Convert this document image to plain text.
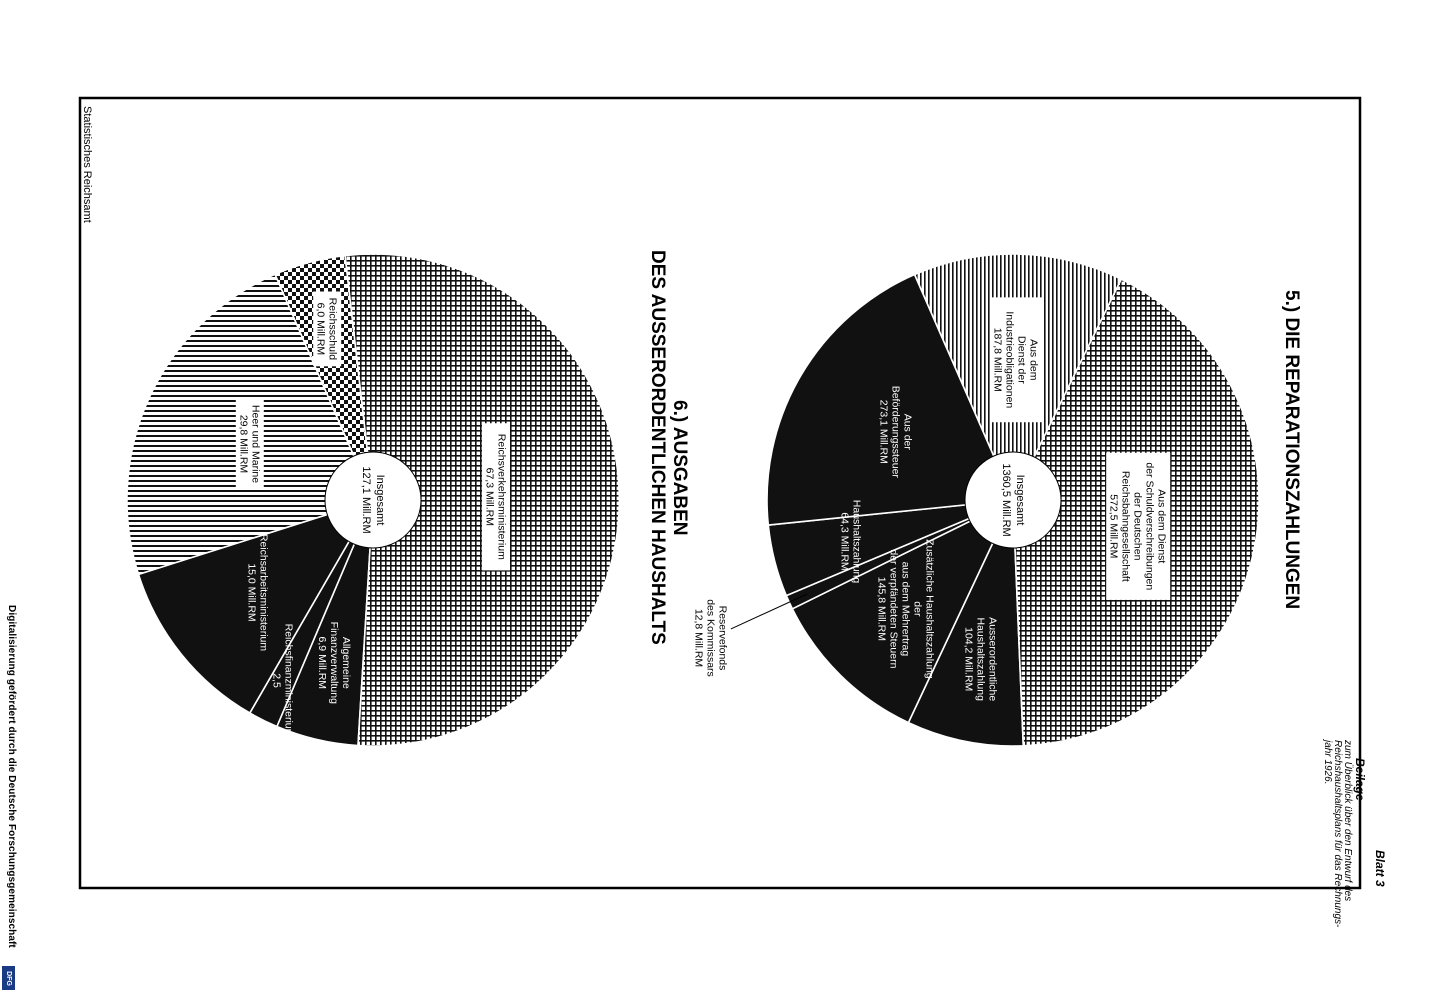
Statistisches Reichsamt
Blatt 3
Beilage
zum Überblick über den Entwurf des
Reichshaushaltsplans für das Rechnungs-
jahr 1926.
5.) DIE REPARATIONSZAHLUNGEN
AusserordentlicheHaushaltszahlung104,2 Mill.RM
Zusätzliche Haushaltszahlungderaus dem Mehrertragder verpfändeten Steuern145,8 Mill.RM
Reservefondsdes Kommissars12,8 Mill.RM
Haushaltszahlung64,3 Mill.RM
Aus derBeförderungssteuer273,1 Mill.RM
Aus demDienst derIndustrieobligationen187,8 Mill.RM
Aus dem Dienstder Schuldverschreibungender DeutschenReichsbahngesellschaft572,5 Mill.RM
Insgesamt1360,5 Mill.RM
6.) AUSGABEN DES AUSSERORDENTLICHEN HAUSHALTS
AllgemeineFinanzverwaltung6,9 Mill.RM
Reichsfinanzministerium2,5
Reichsarbeitsministerium15,0 Mill.RM
Heer und Marine29,8 Mill.RM
Reichsschuld6,0 Mill.RM
Reichsverkehrsministerium67,3 Mill.RM
Insgesamt127,1 Mill.RM
Digitalisierung gefördert durch die Deutsche Forschungsgemeinschaft
DFG
